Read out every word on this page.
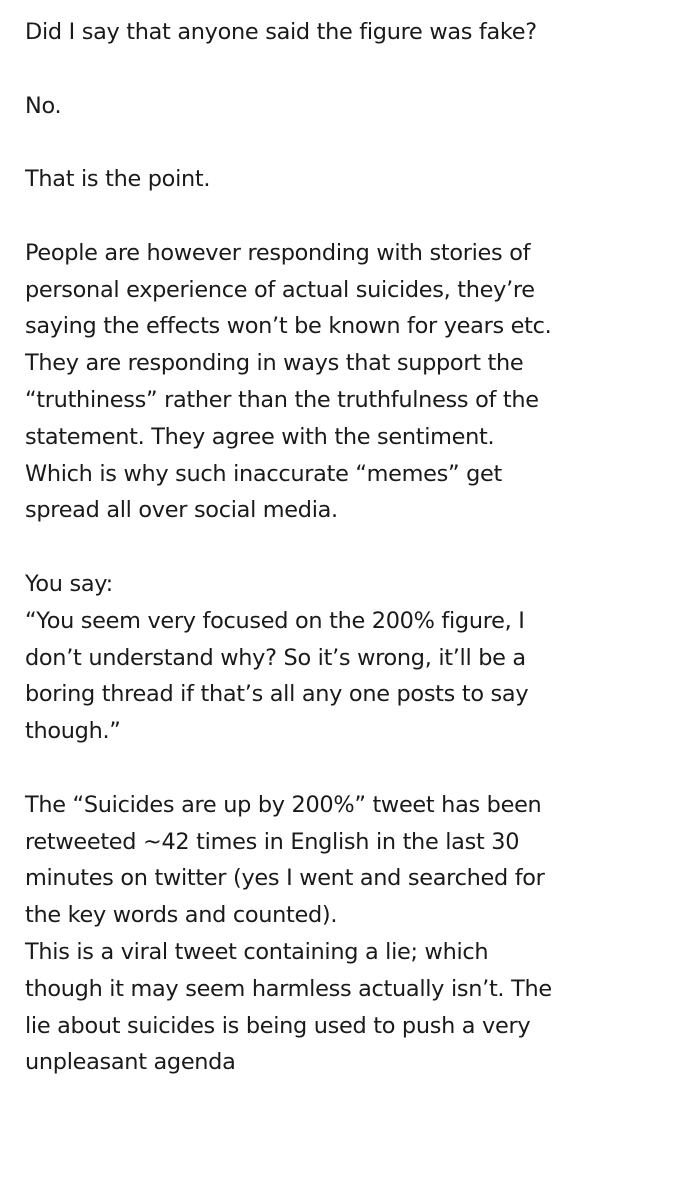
Did I say that anyone said the figure was fake?
No.
That is the point.
People are however responding with stories of
personal experience of actual suicides, they’re
saying the effects won’t be known for years etc.
They are responding in ways that support the
“truthiness” rather than the truthfulness of the
statement. They agree with the sentiment.
Which is why such inaccurate “memes” get
spread all over social media.
You say:
“You seem very focused on the 200% figure, I
don’t understand why? So it’s wrong, it’ll be a
boring thread if that’s all any one posts to say
though.”
The “Suicides are up by 200%” tweet has been
retweeted ~42 times in English in the last 30
minutes on twitter (yes I went and searched for
the key words and counted).
This is a viral tweet containing a lie; which
though it may seem harmless actually isn’t. The
lie about suicides is being used to push a very
unpleasant agenda
